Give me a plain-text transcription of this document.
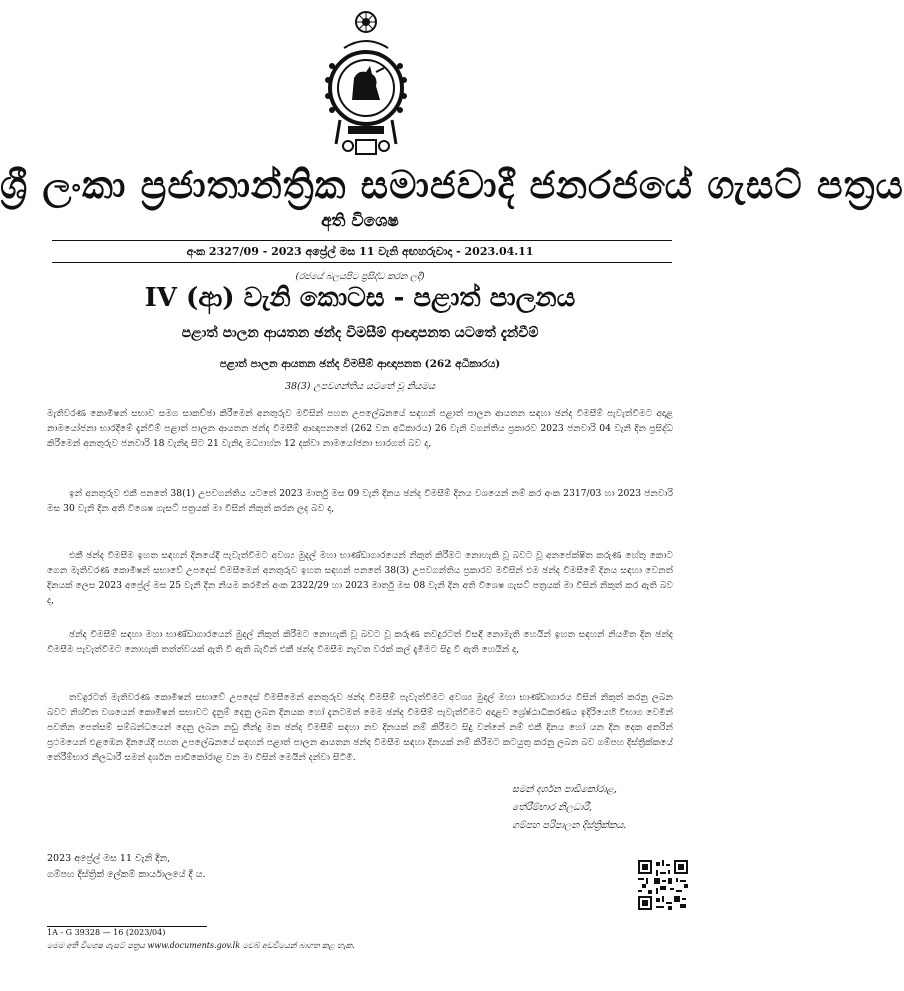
ශ්‍රී ලංකා ප්‍රජාතාන්ත්‍රික සමාජවාදී ජනරජයේ ගැසට් පත්‍රය
අති විශෙෂ
අංක 2327/09 - 2023 අප්‍රේල් මස 11 වැනි අඟහරුවාදා - 2023.04.11
(රජයේ බලයපිට ප්‍රසිද්ධ කරන ලදී)
IV (ආ) වැනි කොටස - පළාත් පාලනය
පළාත් පාලන ආයතන ඡන්ද විමසීම් ආඥාපනත යටතේ දැන්වීම්
පළාත් පාලන ආයතන ඡන්ද විමසීම් ආඥාපනත (262 අධිකාරය)
38(3) උපවගන්තිය යටතේ වූ නියමය
මැතිවරණ කොමිෂන් සභාව සමග සාකච්ඡා කිරීමෙන් අනතුරුව මවිසින් පහත උපලේඛනයේ සඳහන් පළාත් පාලන ආයතන සඳහා ඡන්ද විමසීම් පැවැත්වීමට අදාළ නාමයෝජනා භාරදීමේ දැන්වීම් පළාත් පාලන ආයතන ඡන්ද විමසීම් ආඥාපනතේ (262 වන අධිකාරය) 26 වැනි වගන්තිය ප්‍රකාරව 2023 ජනවාරි 04 වැනි දින ප්‍රසිද්ධ කිරීමෙන් අනතුරුව ජනවාරි 18 වැනිදා සිට 21 වැනිදා මධ්‍යාහ්න 12 දක්වා නාමයෝජනා භාරගත් බව ද,
ඉන් අනතුරුව එකී පනතේ 38(1) උපවගන්තිය යටතේ 2023 මාර්තු මස 09 වැනි දිනය ඡන්ද විමසීම් දිනය වශයෙන් නම් කර අංක 2317/03 හා 2023 ජනවාරි මස 30 වැනි දින අති විශෙෂ ගැසට් පත්‍රයක් මා විසින් නිකුත් කරන ලද බව ද,
එකී ඡන්ද විමසීම ඉහත සඳහන් දිනයේදී පැවැත්වීමට අවශ්‍ය මුදල් මහා භාණ්ඩාගාරයෙන් නිකුත් කිරීමට නොහැකි වූ බවට වූ අනපේක්ෂිත කරුණ හේතු කොට ගෙන මැතිවරණ කොමිෂන් සභාවේ උපදෙස් විමසීමෙන් අනතුරුව ඉහත සඳහන් පනතේ 38(3) උපවගන්තිය ප්‍රකාරව මවිසින් එම ඡන්ද විමසීමේ දිනය සඳහා වෙනත් දිනයක් ලෙස 2023 අප්‍රේල් මස 25 වැනි දින නියම කරමින් අංක 2322/29 හා 2023 මාර්තු මස 08 වැනි දින අති විශෙෂ ගැසට් පත්‍රයක් මා විසින් නිකුත් කර ඇති බව ද,
ඡන්ද විමසීම් සඳහා මහා භාණ්ඩාගාරයෙන් මුදල් නිකුත් කිරීමට නොහැකි වූ බවට වූ කරුණ තවදුරටත් විසඳී නොමැති හෙයින් ඉහත සඳහන් නියමිත දින ඡන්ද විමසීම පැවැත්වීමට නොහැකි තත්ත්වයක් ඇති වී ඇති බැවින් එකී ඡන්ද විමසීම නැවත වරක් කල් දැමීමට සිදු වී ඇති හෙයින් ද,
තවදුරටත් මැතිවරණ කොමිෂන් සභාවේ උපදෙස් විමසීමෙන් අනතුරුව ඡන්ද විමසීම් පැවැත්වීමට අවශ්‍ය මුදල් මහා භාණ්ඩාගාරය විසින් නිකුත් කරනු ලබන බවට නිශ්චිත වශයෙන් කොමිෂන් සභාවට දැනුම් දෙනු ලබන දිනයක හෝ දැනටමත් මෙම ඡන්ද විමසීම් පැවැත්වීමට අදාළව ශ්‍රේෂ්ඨාධිකරණය ඉදිරියෙහි විභාග වෙමින් පවතින පෙත්සම් සම්බන්ධයෙන් දෙනු ලබන නඩු තීන්දු මත ඡන්ද විමසීම් සඳහා නව දිනයක් නම් කිරීමට සිදු වන්නේ නම් එකී දිනය හෝ යන දින දෙක අතරින් ප්‍රථමයෙන් එළඹෙන දිනයේදී පහත උපලේඛනයේ සඳහන් පළාත් පාලන ආයතන ඡන්ද විමසීම සඳහා දිනයක් නම් කිරීමට කටයුතු කරනු ලබන බව ගම්පහ දිස්ත්‍රික්කයේ තේරීම්භාර නිලධාරී සමන් දර්ශන පාඩිකෝරාළ වන මා විසින් මෙයින් දන්වා සිටිමි.
සමන් දර්ශන පාඩිකෝරාළ,
තේරීම්භාර නිලධාරී,
ගම්පහ පරිපාලන දිස්ත්‍රික්කය.
2023 අප්‍රේල් මස 11 වැනි දින,
ගම්පහ දිස්ත්‍රික් ලේකම් කාර්යාලයේ දී ය.
1A - G 39328 — 16 (2023/04)
මෙම අති විශෙෂ ගැසට් පත්‍රය www.documents.gov.lk වෙබ් අඩවියෙන් බාගත කළ හැක.
